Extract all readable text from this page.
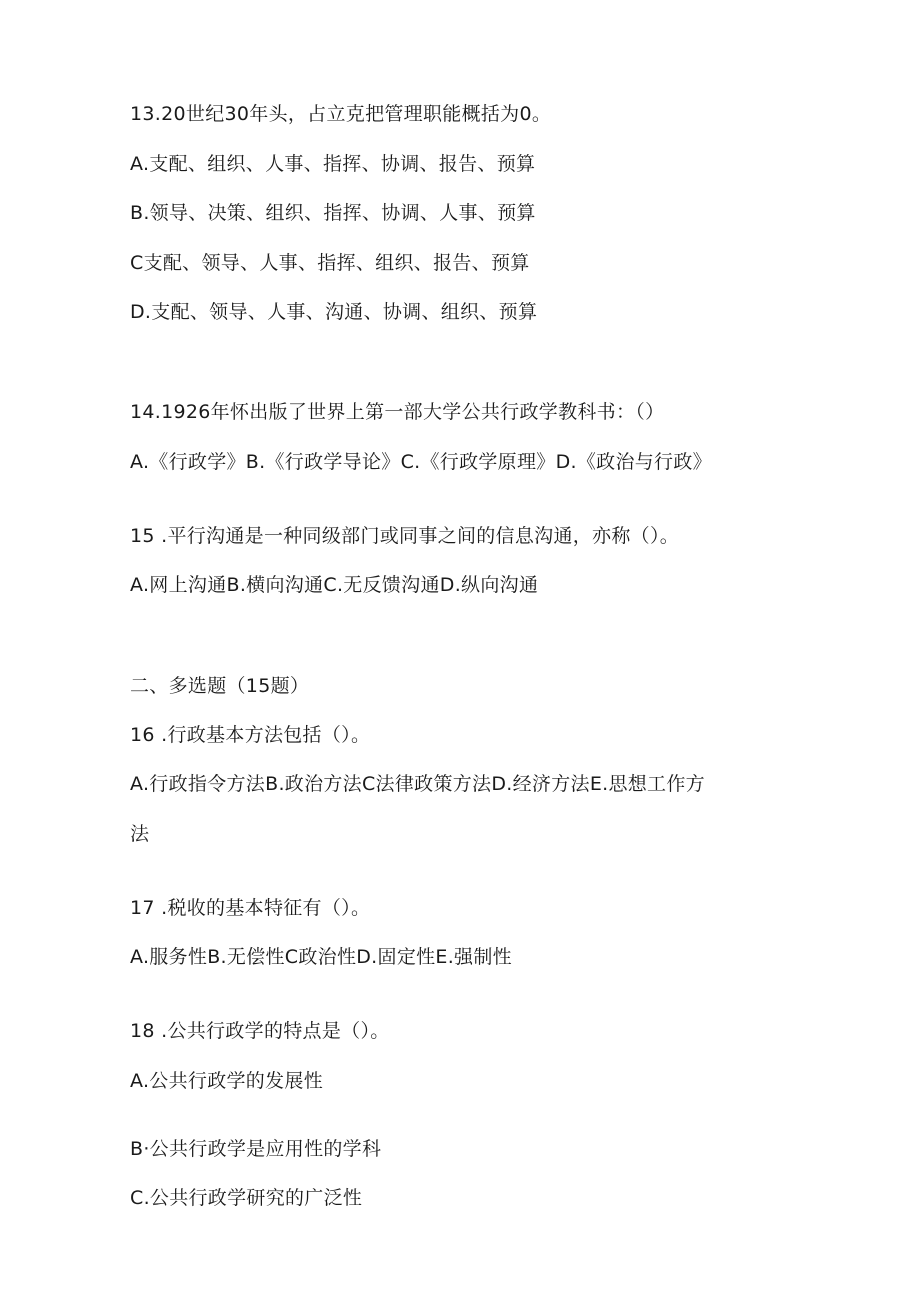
13.20世纪30年头，占立克把管理职能概括为0。
A.支配、组织、人事、指挥、协调、报告、预算
B.领导、决策、组织、指挥、协调、人事、预算
C支配、领导、人事、指挥、组织、报告、预算
D.支配、领导、人事、沟通、协调、组织、预算
14.1926年怀出版了世界上第一部大学公共行政学教科书：（）
A.《行政学》B.《行政学导论》C.《行政学原理》D.《政治与行政》
15 .平行沟通是一种同级部门或同事之间的信息沟通，亦称（）。
A.网上沟通B.横向沟通C.无反馈沟通D.纵向沟通
二、多选题（15题）
16 .行政基本方法包括（）。
A.行政指令方法B.政治方法C法律政策方法D.经济方法E.思想工作方
法
17 .税收的基本特征有（）。
A.服务性B.无偿性C政治性D.固定性E.强制性
18 .公共行政学的特点是（）。
A.公共行政学的发展性
B·公共行政学是应用性的学科
C.公共行政学研究的广泛性
